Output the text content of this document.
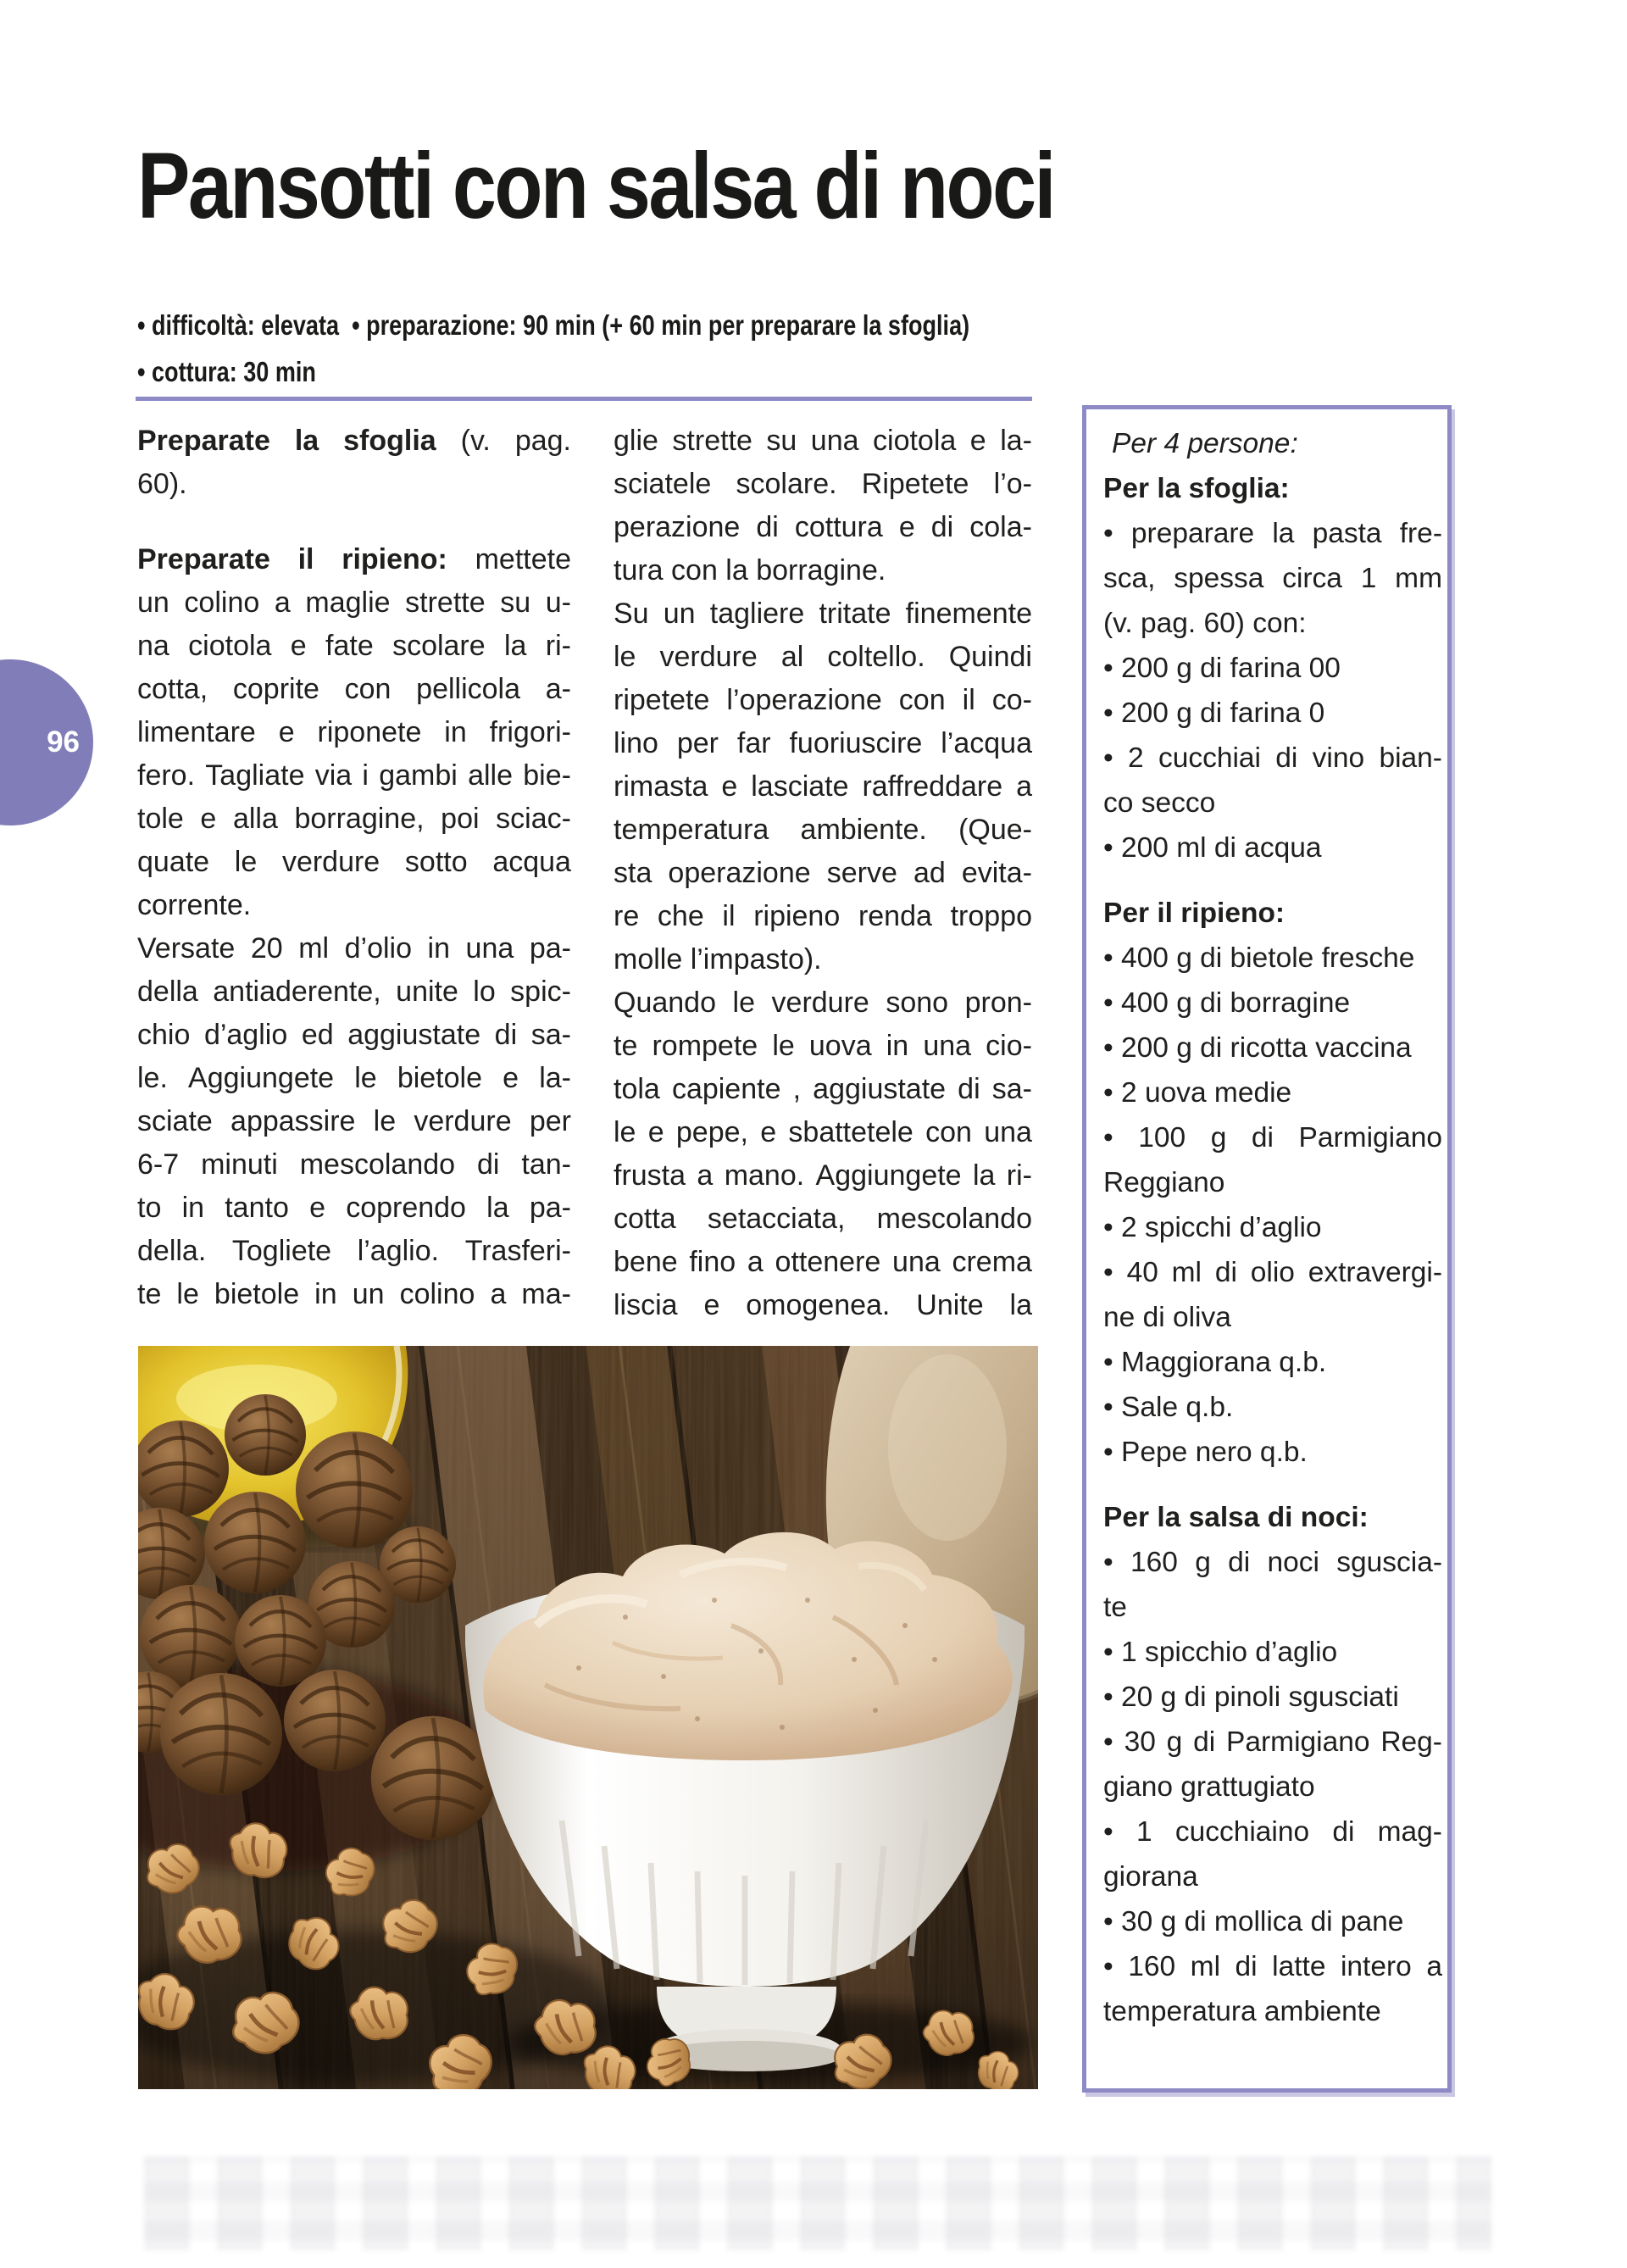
Pansotti con salsa di noci
• difficoltà: elevata  • preparazione: 90 min (+ 60 min per preparare la sfoglia)
• cottura: 30 min
96
Preparate la sfoglia (v. pag.
60).
Preparate il ripieno: mettete
un colino a maglie strette su u-
na ciotola e fate scolare la ri-
cotta, coprite con pellicola a-
limentare e riponete in frigori-
fero. Tagliate via i gambi alle bie-
tole e alla borragine, poi sciac-
quate le verdure sotto acqua
corrente.
Versate 20 ml d’olio in una pa-
della antiaderente, unite lo spic-
chio d’aglio ed aggiustate di sa-
le. Aggiungete le bietole e la-
sciate appassire le verdure per
6-7 minuti mescolando di tan-
to in tanto e coprendo la pa-
della. Togliete l’aglio. Trasferi-
te le bietole in un colino a ma-
glie strette su una ciotola e la-
sciatele scolare. Ripetete l’o-
perazione di cottura e di cola-
tura con la borragine.
Su un tagliere tritate finemente
le verdure al coltello. Quindi
ripetete l’operazione con il co-
lino per far fuoriuscire l’acqua
rimasta e lasciate raffreddare a
temperatura ambiente. (Que-
sta operazione serve ad evita-
re che il ripieno renda troppo
molle l’impasto).
Quando le verdure sono pron-
te rompete le uova in una cio-
tola capiente , aggiustate di sa-
le e pepe, e sbattetele con una
frusta a mano. Aggiungete la ri-
cotta setacciata, mescolando
bene fino a ottenere una crema
liscia e omogenea. Unite la
Per 4 persone:
Per la sfoglia:
• preparare la pasta fre-
sca, spessa circa 1 mm
(v. pag. 60) con:
• 200 g di farina 00
• 200 g di farina 0
• 2 cucchiai di vino bian-
co secco
• 200 ml di acqua
Per il ripieno:
• 400 g di bietole fresche
• 400 g di borragine
• 200 g di ricotta vaccina
• 2 uova medie
• 100 g di Parmigiano
Reggiano
• 2 spicchi d’aglio
• 40 ml di olio extravergi-
ne di oliva
• Maggiorana q.b.
• Sale q.b.
• Pepe nero q.b.
Per la salsa di noci:
• 160 g di noci sguscia-
te
• 1 spicchio d’aglio
• 20 g di pinoli sgusciati
• 30 g di Parmigiano Reg-
giano grattugiato
• 1 cucchiaino di mag-
giorana
• 30 g di mollica di pane
• 160 ml di latte intero a
temperatura ambiente
